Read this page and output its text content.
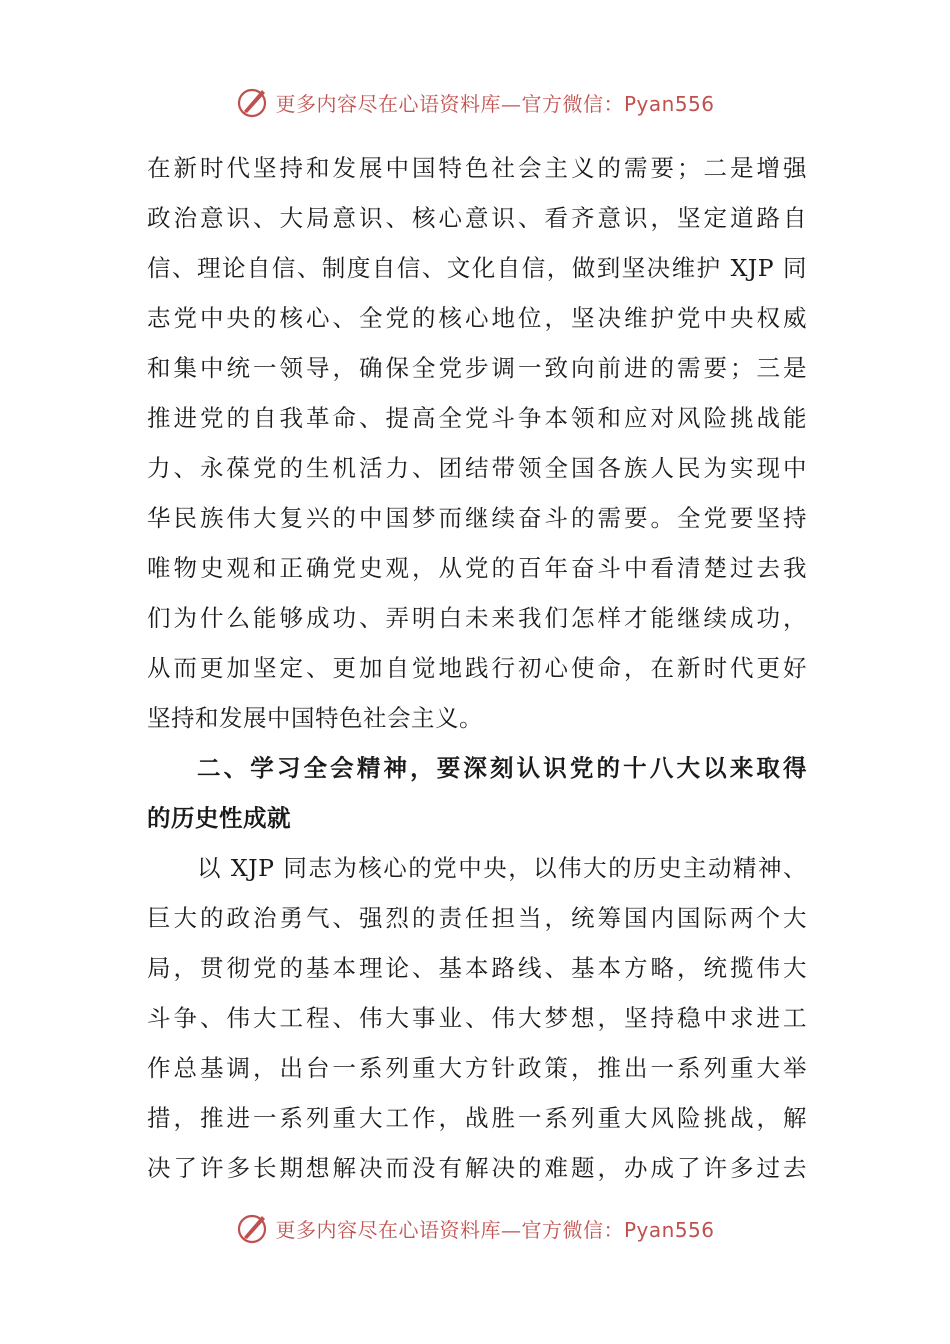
更多内容尽在心语资料库—官方微信：Pyan556
在新时代坚持和发展中国特色社会主义的需要；二是增强
政治意识、大局意识、核心意识、看齐意识，坚定道路自
信、理论自信、制度自信、文化自信，做到坚决维护 XJP 同
志党中央的核心、全党的核心地位，坚决维护党中央权威
和集中统一领导，确保全党步调一致向前进的需要；三是
推进党的自我革命、提高全党斗争本领和应对风险挑战能
力、永葆党的生机活力、团结带领全国各族人民为实现中
华民族伟大复兴的中国梦而继续奋斗的需要。全党要坚持
唯物史观和正确党史观，从党的百年奋斗中看清楚过去我
们为什么能够成功、弄明白未来我们怎样才能继续成功，
从而更加坚定、更加自觉地践行初心使命，在新时代更好
坚持和发展中国特色社会主义。
二、学习全会精神，要深刻认识党的十八大以来取得
的历史性成就
以 XJP 同志为核心的党中央，以伟大的历史主动精神、
巨大的政治勇气、强烈的责任担当，统筹国内国际两个大
局，贯彻党的基本理论、基本路线、基本方略，统揽伟大
斗争、伟大工程、伟大事业、伟大梦想，坚持稳中求进工
作总基调，出台一系列重大方针政策，推出一系列重大举
措，推进一系列重大工作，战胜一系列重大风险挑战，解
决了许多长期想解决而没有解决的难题，办成了许多过去
更多内容尽在心语资料库—官方微信：Pyan556
